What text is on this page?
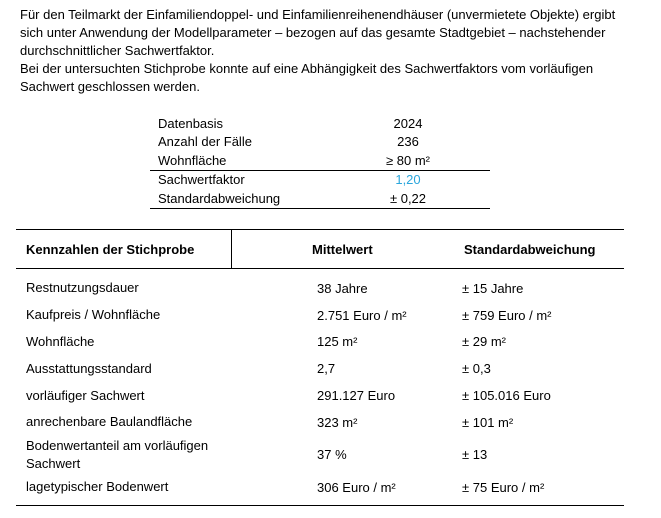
Für den Teilmarkt der Einfamiliendoppel- und Einfamilienreihenendhäuser (unvermietete Objekte) ergibt sich unter Anwendung der Modellparameter – bezogen auf das gesamte Stadtgebiet – nachstehender durchschnittlicher Sachwertfaktor.

Bei der untersuchten Stichprobe konnte auf eine Abhängigkeit des Sachwertfaktors vom vorläufigen Sachwert geschlossen werden.

Datenbasis	2024
Anzahl der Fälle	236
Wohnfläche	≥ 80 m²
Sachwertfaktor	1,20
Standardabweichung	± 0,22
Kennzahlen der Stichprobe	Mittelwert	Standardabweichung
Restnutzungsdauer	38 Jahre	± 15 Jahre
Kaufpreis / Wohnfläche	2.751 Euro / m²	± 759 Euro / m²
Wohnfläche	125 m²	± 29 m²
Ausstattungsstandard	2,7	± 0,3
vorläufiger Sachwert	291.127 Euro	± 105.016 Euro
anrechenbare Baulandfläche	323 m²	± 101 m²
Bodenwertanteil am vorläufigen Sachwert
37 %	± 13
lagetypischer Bodenwert	306 Euro / m²	± 75 Euro / m²
